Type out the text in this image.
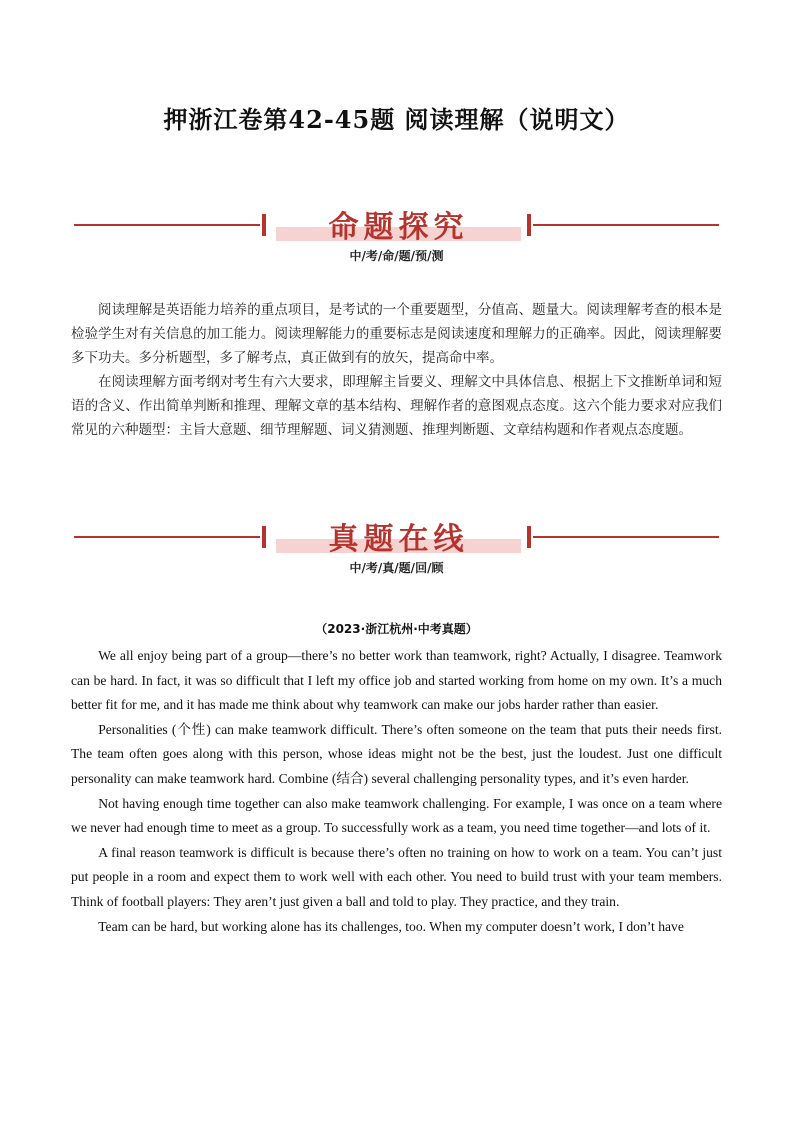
押浙江卷第42-45题 阅读理解（说明文）
命题探究
中/考/命/题/预/测

阅读理解是英语能力培养的重点项目，是考试的一个重要题型，分值高、题量大。阅读理解考查的根本是检验学生对有关信息的加工能力。阅读理解能力的重要标志是阅读速度和理解力的正确率。因此，阅读理解要多下功夫。多分析题型，多了解考点，真正做到有的放矢，提高命中率。

在阅读理解方面考纲对考生有六大要求，即理解主旨要义、理解文中具体信息、根据上下文推断单词和短语的含义、作出简单判断和推理、理解文章的基本结构、理解作者的意图观点态度。这六个能力要求对应我们常见的六种题型：主旨大意题、细节理解题、词义猜测题、推理判断题、文章结构题和作者观点态度题。

真题在线
中/考/真/题/回/顾
（2023·浙江杭州·中考真题）

We all enjoy being part of a group—there’s no better work than teamwork, right? Actually, I disagree. Teamwork can be hard. In fact, it was so difficult that I left my office job and started working from home on my own. It’s a much better fit for me, and it has made me think about why teamwork can make our jobs harder rather than easier.

Personalities (个性) can make teamwork difficult. There’s often someone on the team that puts their needs first. The team often goes along with this person, whose ideas might not be the best, just the loudest. Just one difficult personality can make teamwork hard. Combine (结合) several challenging personality types, and it’s even harder.

Not having enough time together can also make teamwork challenging. For example, I was once on a team where we never had enough time to meet as a group. To successfully work as a team, you need time together—and lots of it.

A final reason teamwork is difficult is because there’s often no training on how to work on a team. You can’t just put people in a room and expect them to work well with each other. You need to build trust with your team members. Think of football players: They aren’t just given a ball and told to play. They practice, and they train.

Team can be hard, but working alone has its challenges, too. When my computer doesn’t work, I don’t have
